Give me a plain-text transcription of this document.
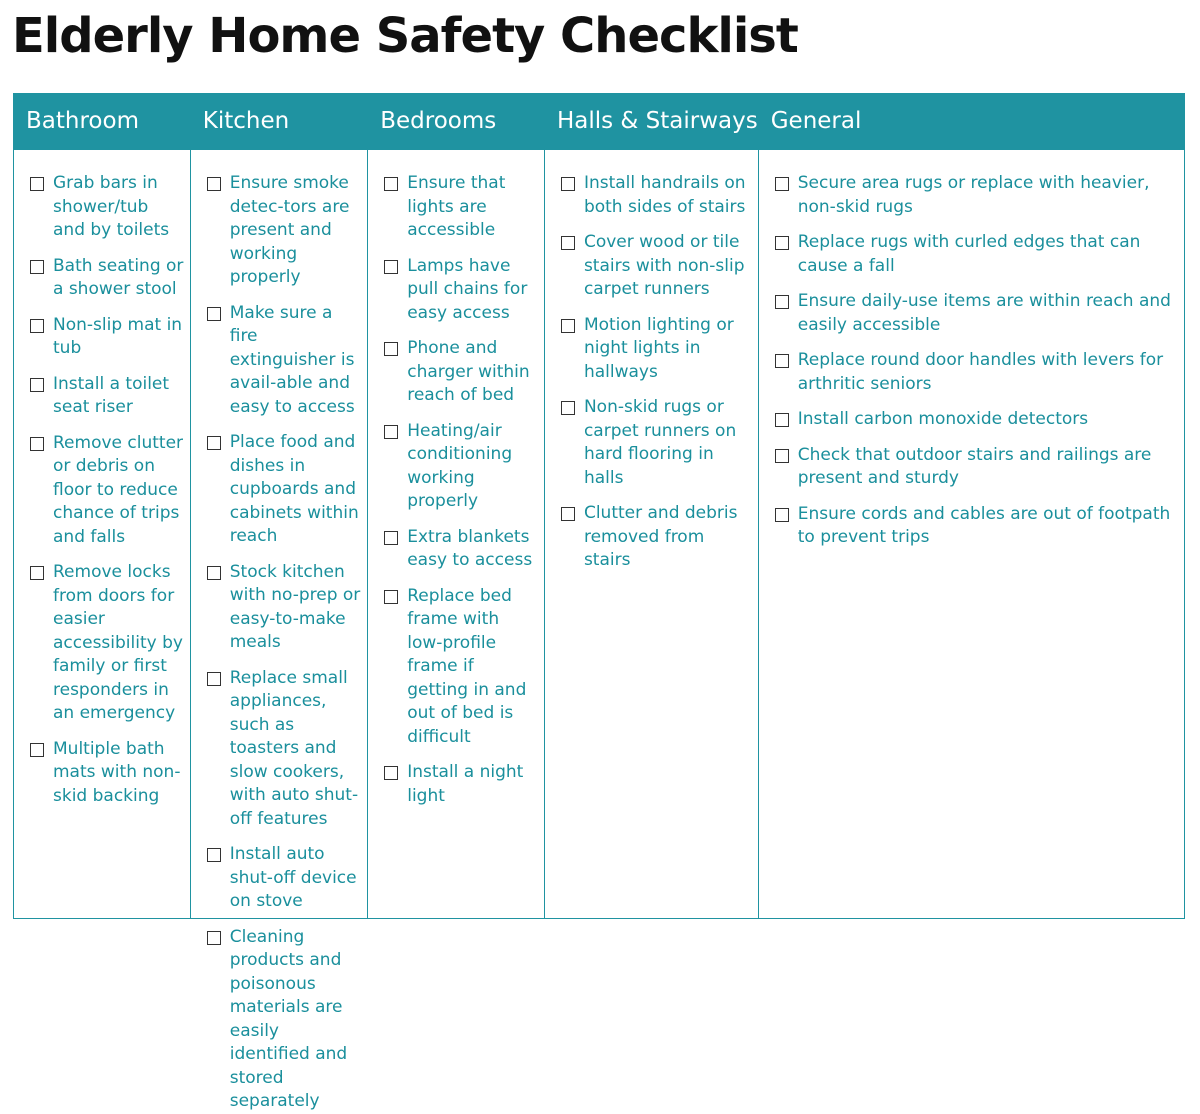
Elderly Home Safety Checklist
Bathroom
Grab bars in shower/tub and by toilets
Bath seating or a shower stool
Non-slip mat in tub
Install a toilet seat riser
Remove clutter or debris on floor to reduce chance of trips and falls
Remove locks from doors for easier accessibility by family or first responders in an emergency
Multiple bath mats with non-skid backing
Kitchen
Ensure smoke detec-tors are present and working properly
Make sure a fire extinguisher is avail-able and easy to access
Place food and dishes in cupboards and cabinets within reach
Stock kitchen with no-prep or easy-to-make meals
Replace small appliances, such as toasters and slow cookers, with auto shut-off features
Install auto shut-off device on stove
Cleaning products and poisonous materials are easily identified and stored separately
Bedrooms
Ensure that lights are accessible
Lamps have pull chains for easy access
Phone and charger within reach of bed
Heating/air conditioning working properly
Extra blankets easy to access
Replace bed frame with low-profile frame if getting in and out of bed is difficult
Install a night light
Halls & Stairways
Install handrails on both sides of stairs
Cover wood or tile stairs with non-slip carpet runners
Motion lighting or night lights in hallways
Non-skid rugs or carpet runners on hard flooring in halls
Clutter and debris removed from stairs
General
Secure area rugs or replace with heavier, non-skid rugs
Replace rugs with curled edges that can cause a fall
Ensure daily-use items are within reach and easily accessible
Replace round door handles with levers for arthritic seniors
Install carbon monoxide detectors
Check that outdoor stairs and railings are present and sturdy
Ensure cords and cables are out of footpath to prevent trips
